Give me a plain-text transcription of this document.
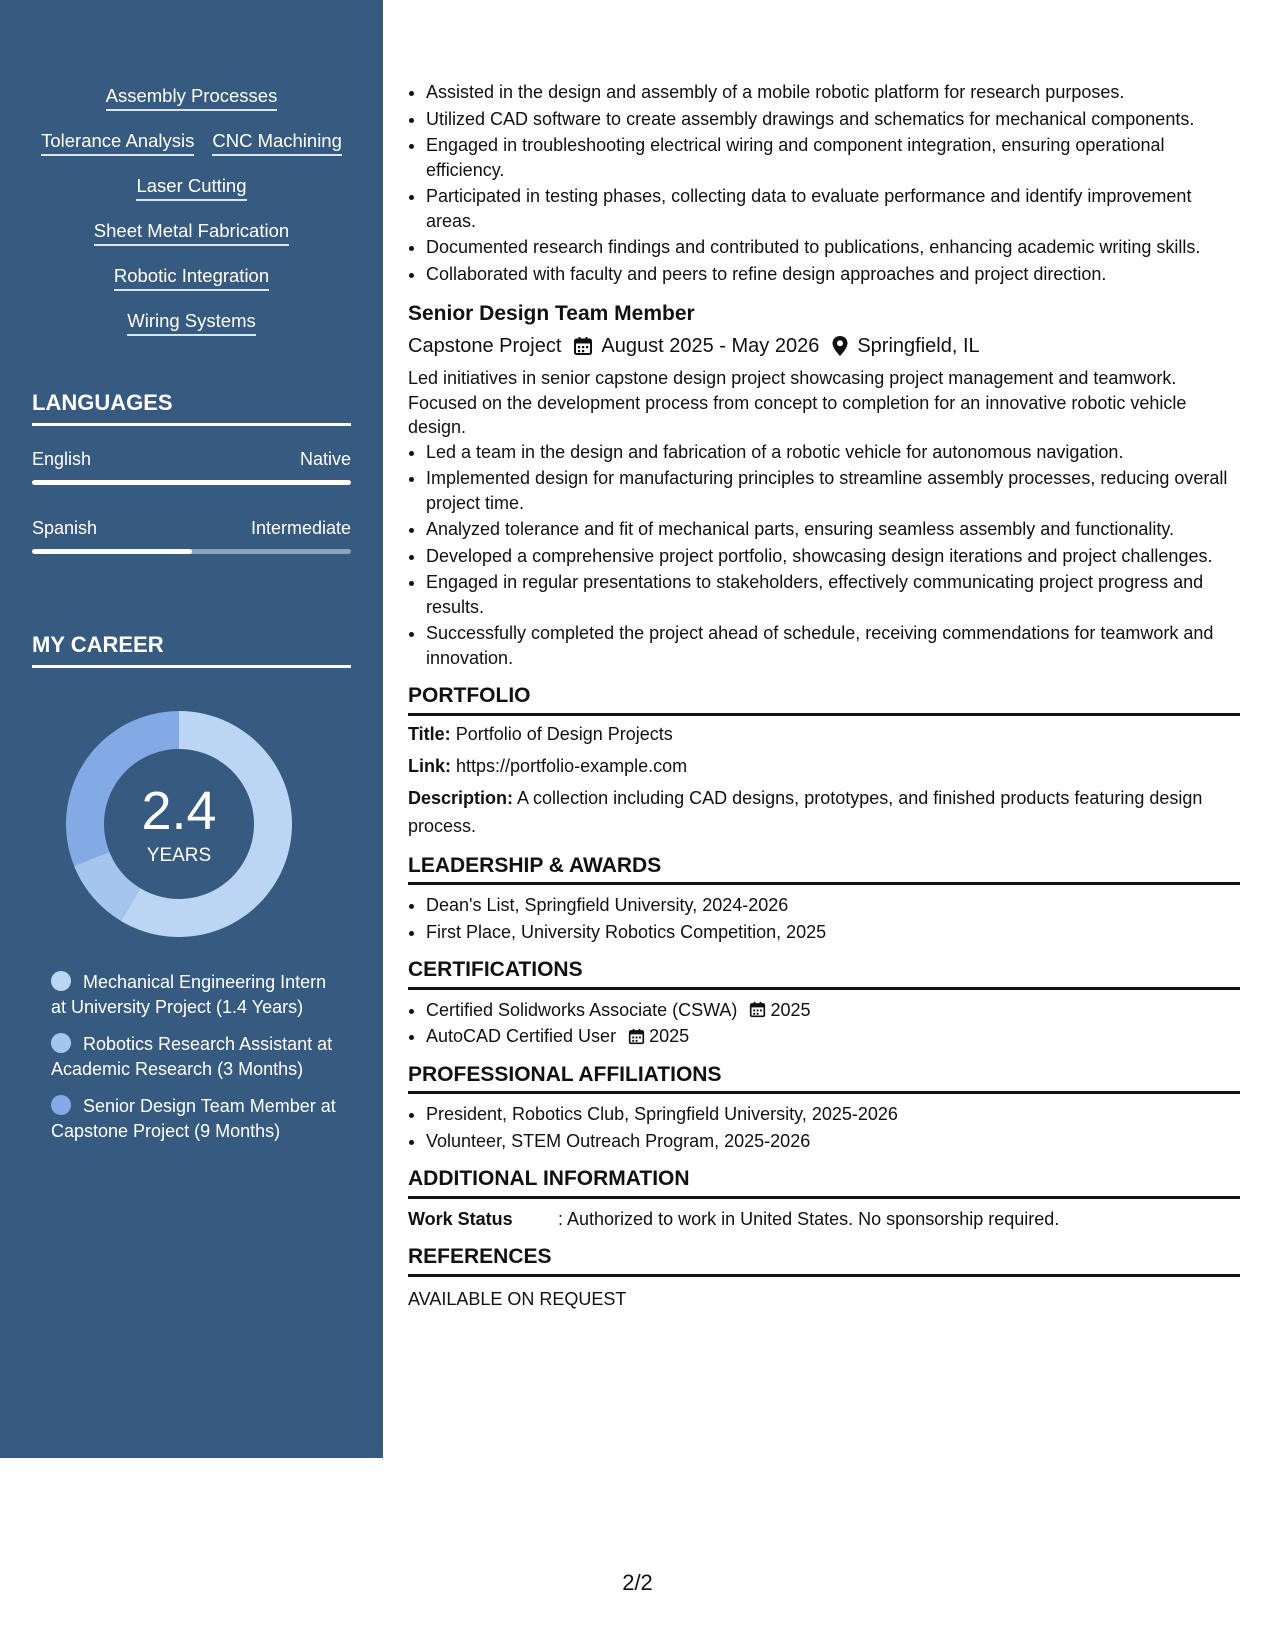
Assembly Processes
Tolerance Analysis CNC Machining
Laser Cutting
Sheet Metal Fabrication
Robotic Integration
Wiring Systems
LANGUAGES
English	Native
Spanish	Intermediate
MY CAREER
2.4
YEARS
Mechanical Engineering Intern at University Project (1.4 Years)
Robotics Research Assistant at Academic Research (3 Months)
Senior Design Team Member at Capstone Project (9 Months)
• Assisted in the design and assembly of a mobile robotic platform for research purposes.
• Utilized CAD software to create assembly drawings and schematics for mechanical components.
• Engaged in troubleshooting electrical wiring and component integration, ensuring operational efficiency.
• Participated in testing phases, collecting data to evaluate performance and identify improvement areas.
• Documented research findings and contributed to publications, enhancing academic writing skills.
• Collaborated with faculty and peers to refine design approaches and project direction.
Senior Design Team Member
Capstone Project August 2025 - May 2026 Springfield, IL
Led initiatives in senior capstone design project showcasing project management and teamwork. Focused on the development process from concept to completion for an innovative robotic vehicle design.
• Led a team in the design and fabrication of a robotic vehicle for autonomous navigation.
• Implemented design for manufacturing principles to streamline assembly processes, reducing overall project time.
• Analyzed tolerance and fit of mechanical parts, ensuring seamless assembly and functionality.
• Developed a comprehensive project portfolio, showcasing design iterations and project challenges.
• Engaged in regular presentations to stakeholders, effectively communicating project progress and results.
• Successfully completed the project ahead of schedule, receiving commendations for teamwork and innovation.
PORTFOLIO
Title: Portfolio of Design Projects
Link: https://portfolio-example.com
Description: A collection including CAD designs, prototypes, and finished products featuring design process.
LEADERSHIP & AWARDS
• Dean's List, Springfield University, 2024-2026
• First Place, University Robotics Competition, 2025
CERTIFICATIONS
• Certified Solidworks Associate (CSWA) 2025
• AutoCAD Certified User 2025
PROFESSIONAL AFFILIATIONS
• President, Robotics Club, Springfield University, 2025-2026
• Volunteer, STEM Outreach Program, 2025-2026
ADDITIONAL INFORMATION
Work Status	: Authorized to work in United States. No sponsorship required.
REFERENCES
AVAILABLE ON REQUEST
2/2
